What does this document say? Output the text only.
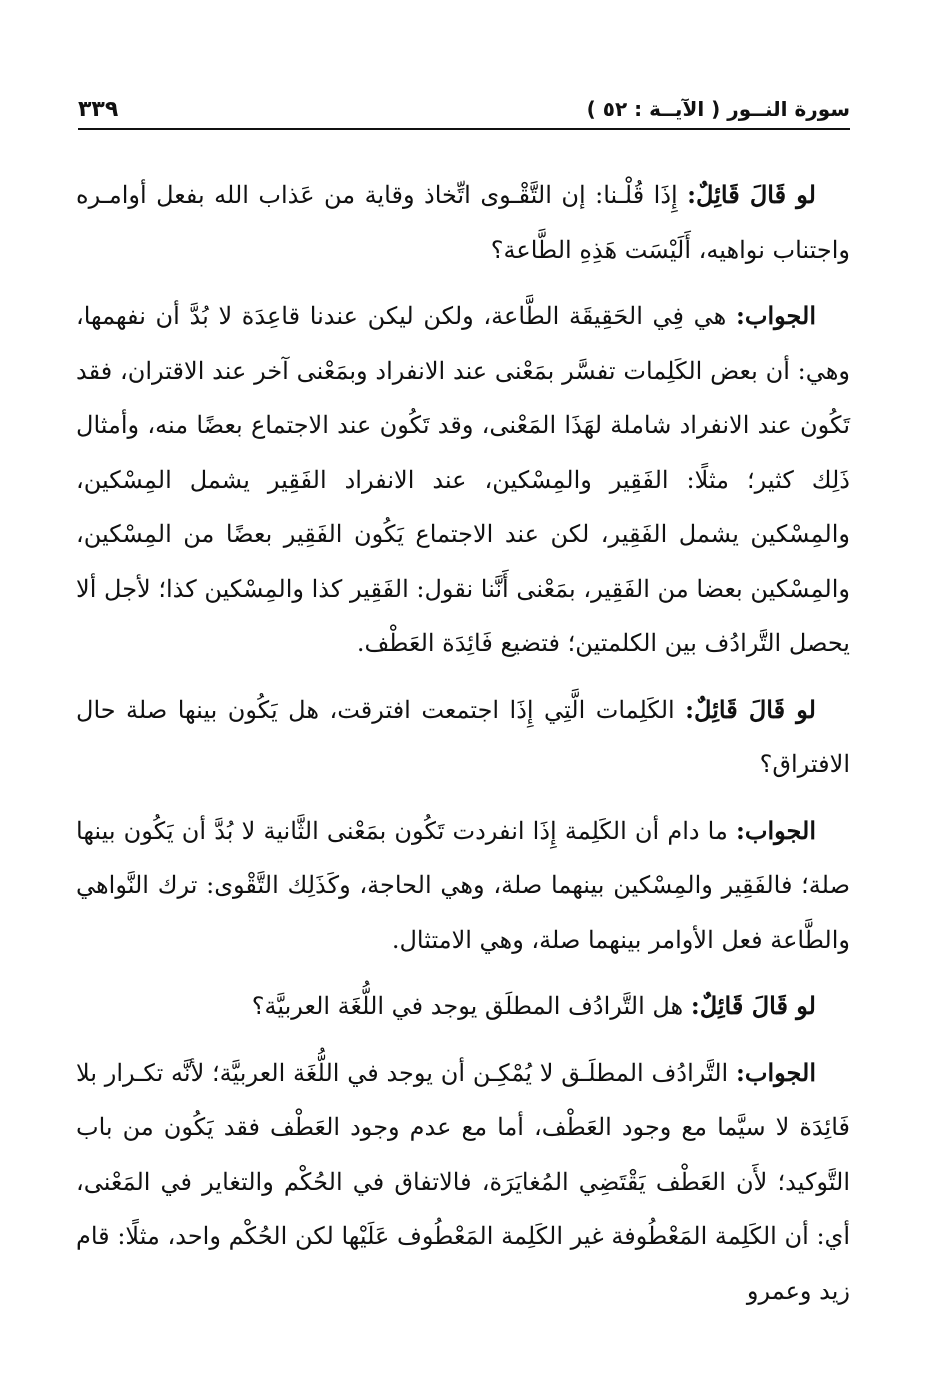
سورة النــور ( الآيــة : ٥٢ )
٣٣٩

لو قَالَ قَائِلٌ: إِذَا قُلْـنا: إن التَّقْـوى اتِّخاذ وقاية من عَذاب الله بفعل أوامـره واجتناب نواهيه، أَلَيْسَت هَذِهِ الطَّاعة؟

الجواب: هي فِي الحَقِيقَة الطَّاعة، ولكن ليكن عندنا قاعِدَة لا بُدَّ أن نفهمها، وهي: أن بعض الكَلِمات تفسَّر بمَعْنى عند الانفراد وبمَعْنى آخر عند الاقتران، فقد تَكُون عند الانفراد شاملة لهَذَا المَعْنى، وقد تَكُون عند الاجتماع بعضًا منه، وأمثال ذَلِك كثير؛ مثلًا: الفَقِير والمِسْكين، عند الانفراد الفَقِير يشمل المِسْكين، والمِسْكين يشمل الفَقِير، لكن عند الاجتماع يَكُون الفَقِير بعضًا من المِسْكين، والمِسْكين بعضا من الفَقِير، بمَعْنى أَنَّنا نقول: الفَقِير كذا والمِسْكين كذا؛ لأجل ألا يحصل التَّرادُف بين الكلمتين؛ فتضيع فَائِدَة العَطْف.

لو قَالَ قَائِلٌ: الكَلِمات الَّتِي إِذَا اجتمعت افترقت، هل يَكُون بينها صلة حال الافتراق؟

الجواب: ما دام أن الكَلِمة إِذَا انفردت تَكُون بمَعْنى الثَّانية لا بُدَّ أن يَكُون بينها صلة؛ فالفَقِير والمِسْكين بينهما صلة، وهي الحاجة، وكَذَلِك التَّقْوى: ترك النَّواهي والطَّاعة فعل الأوامر بينهما صلة، وهي الامتثال.

لو قَالَ قَائِلٌ: هل التَّرادُف المطلَق يوجد في اللُّغَة العربيَّة؟

الجواب: التَّرادُف المطلَـق لا يُمْكِـن أن يوجد في اللُّغَة العربيَّة؛ لأنَّه تكـرار بلا فَائِدَة لا سيَّما مع وجود العَطْف، أما مع عدم وجود العَطْف فقد يَكُون من باب التَّوكيد؛ لأَن العَطْف يَقْتَضِي المُغايَرَة، فالاتفاق في الحُكْم والتغاير في المَعْنى، أي: أن الكَلِمة المَعْطُوفة غير الكَلِمة المَعْطُوف عَلَيْها لكن الحُكْم واحد، مثلًا: قام زيد وعمرو
